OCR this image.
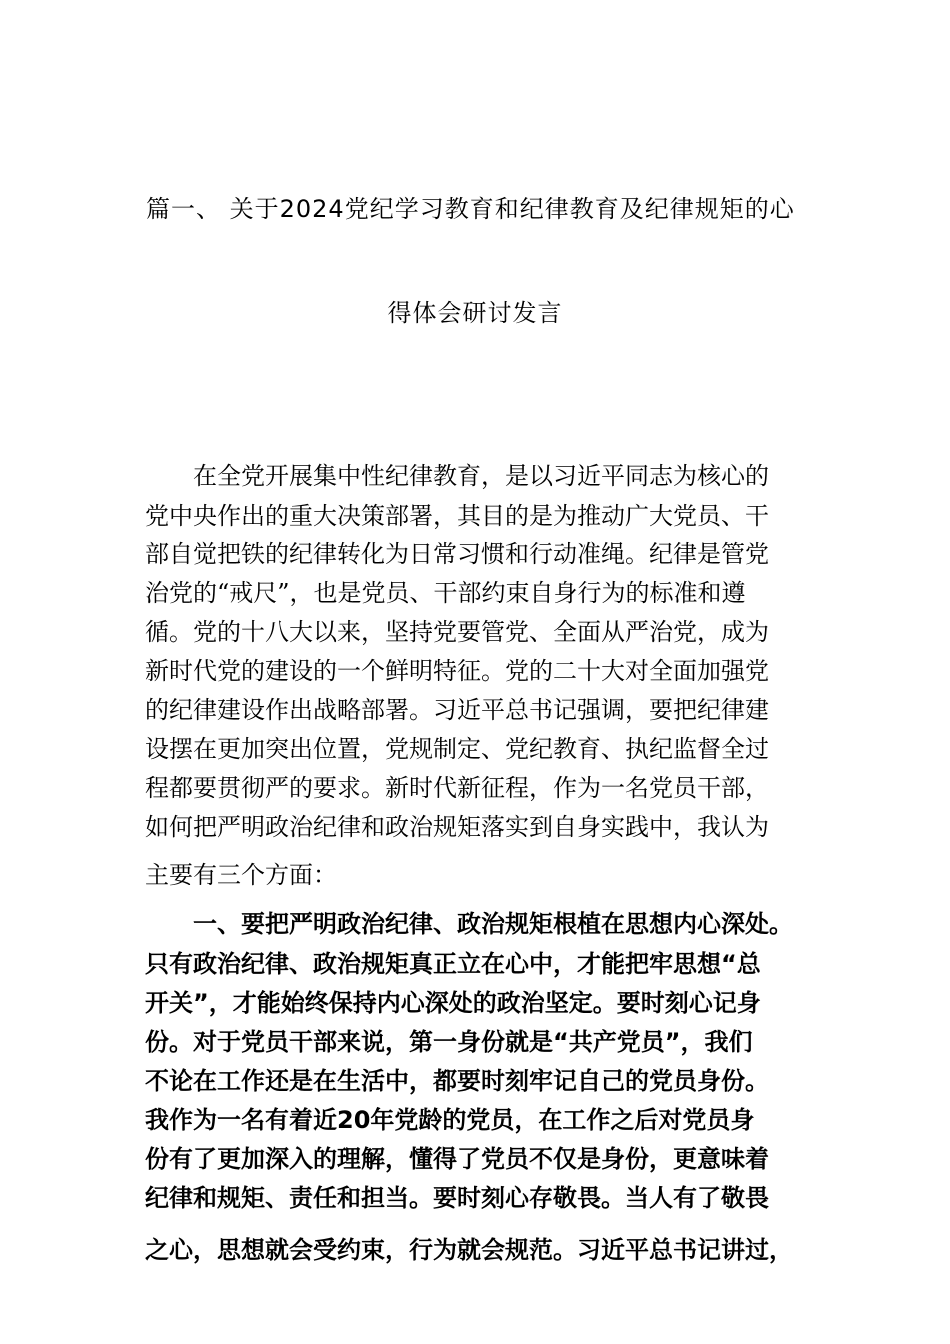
篇一、 关于2024党纪学习教育和纪律教育及纪律规矩的心
得体会研讨发言
　　在全党开展集中性纪律教育，是以习近平同志为核心的
党中央作出的重大决策部署，其目的是为推动广大党员、干
部自觉把铁的纪律转化为日常习惯和行动准绳。纪律是管党
治党的“戒尺”，也是党员、干部约束自身行为的标准和遵
循。党的十八大以来，坚持党要管党、全面从严治党，成为
新时代党的建设的一个鲜明特征。党的二十大对全面加强党
的纪律建设作出战略部署。习近平总书记强调，要把纪律建
设摆在更加突出位置，党规制定、党纪教育、执纪监督全过
程都要贯彻严的要求。新时代新征程，作为一名党员干部，
如何把严明政治纪律和政治规矩落实到自身实践中，我认为
主要有三个方面：
　　一、要把严明政治纪律、政治规矩根植在思想内心深处。
只有政治纪律、政治规矩真正立在心中，才能把牢思想“总
开关”，才能始终保持内心深处的政治坚定。要时刻心记身
份。对于党员干部来说，第一身份就是“共产党员”，我们
不论在工作还是在生活中，都要时刻牢记自己的党员身份。
我作为一名有着近20年党龄的党员，在工作之后对党员身
份有了更加深入的理解，懂得了党员不仅是身份，更意味着
纪律和规矩、责任和担当。要时刻心存敬畏。当人有了敬畏
之心，思想就会受约束，行为就会规范。习近平总书记讲过，
